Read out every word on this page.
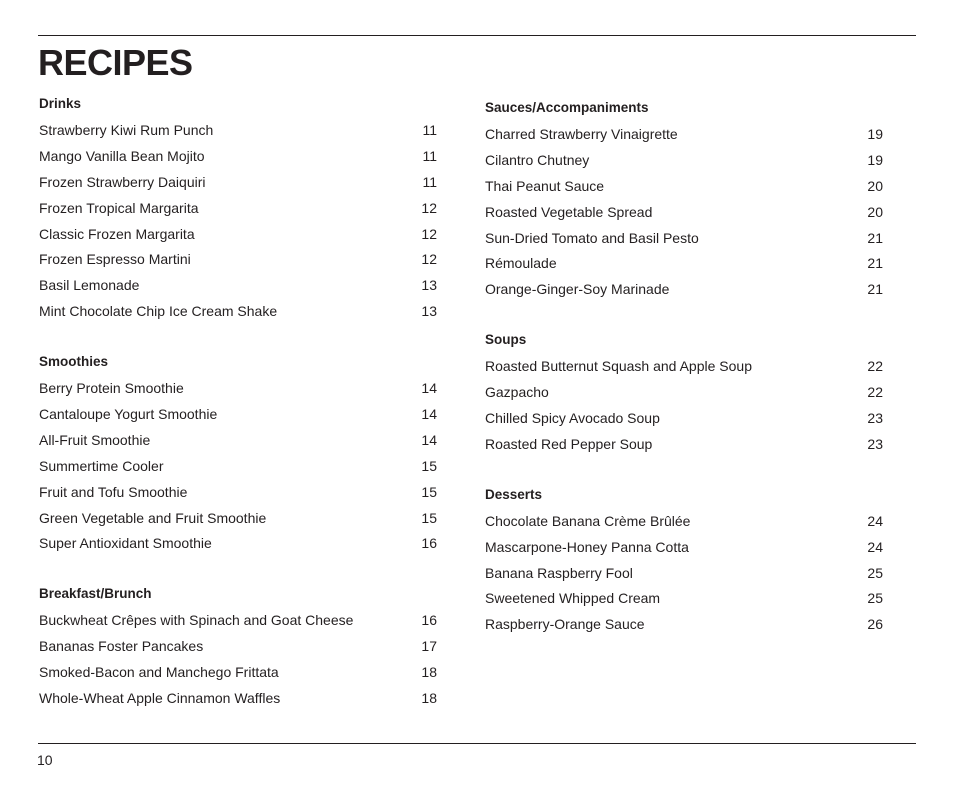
RECIPES
Drinks
Strawberry Kiwi Rum Punch	11
Mango Vanilla Bean Mojito	11
Frozen Strawberry Daiquiri	11
Frozen Tropical Margarita	12
Classic Frozen Margarita	12
Frozen Espresso Martini	12
Basil Lemonade	13
Mint Chocolate Chip Ice Cream Shake	13
Smoothies
Berry Protein Smoothie	14
Cantaloupe Yogurt Smoothie	14
All-Fruit Smoothie	14
Summertime Cooler	15
Fruit and Tofu Smoothie	15
Green Vegetable and Fruit Smoothie	15
Super Antioxidant Smoothie	16
Breakfast/Brunch
Buckwheat Crêpes with Spinach and Goat Cheese	16
Bananas Foster Pancakes	17
Smoked-Bacon and Manchego Frittata	18
Whole-Wheat Apple Cinnamon Waffles	18
Sauces/Accompaniments
Charred Strawberry Vinaigrette	19
Cilantro Chutney	19
Thai Peanut Sauce	20
Roasted Vegetable Spread	20
Sun-Dried Tomato and Basil Pesto	21
Rémoulade	21
Orange-Ginger-Soy Marinade	21
Soups
Roasted Butternut Squash and Apple Soup	22
Gazpacho	22
Chilled Spicy Avocado Soup	23
Roasted Red Pepper Soup	23
Desserts
Chocolate Banana Crème Brûlée	24
Mascarpone-Honey Panna Cotta	24
Banana Raspberry Fool	25
Sweetened Whipped Cream	25
Raspberry-Orange Sauce	26
10
